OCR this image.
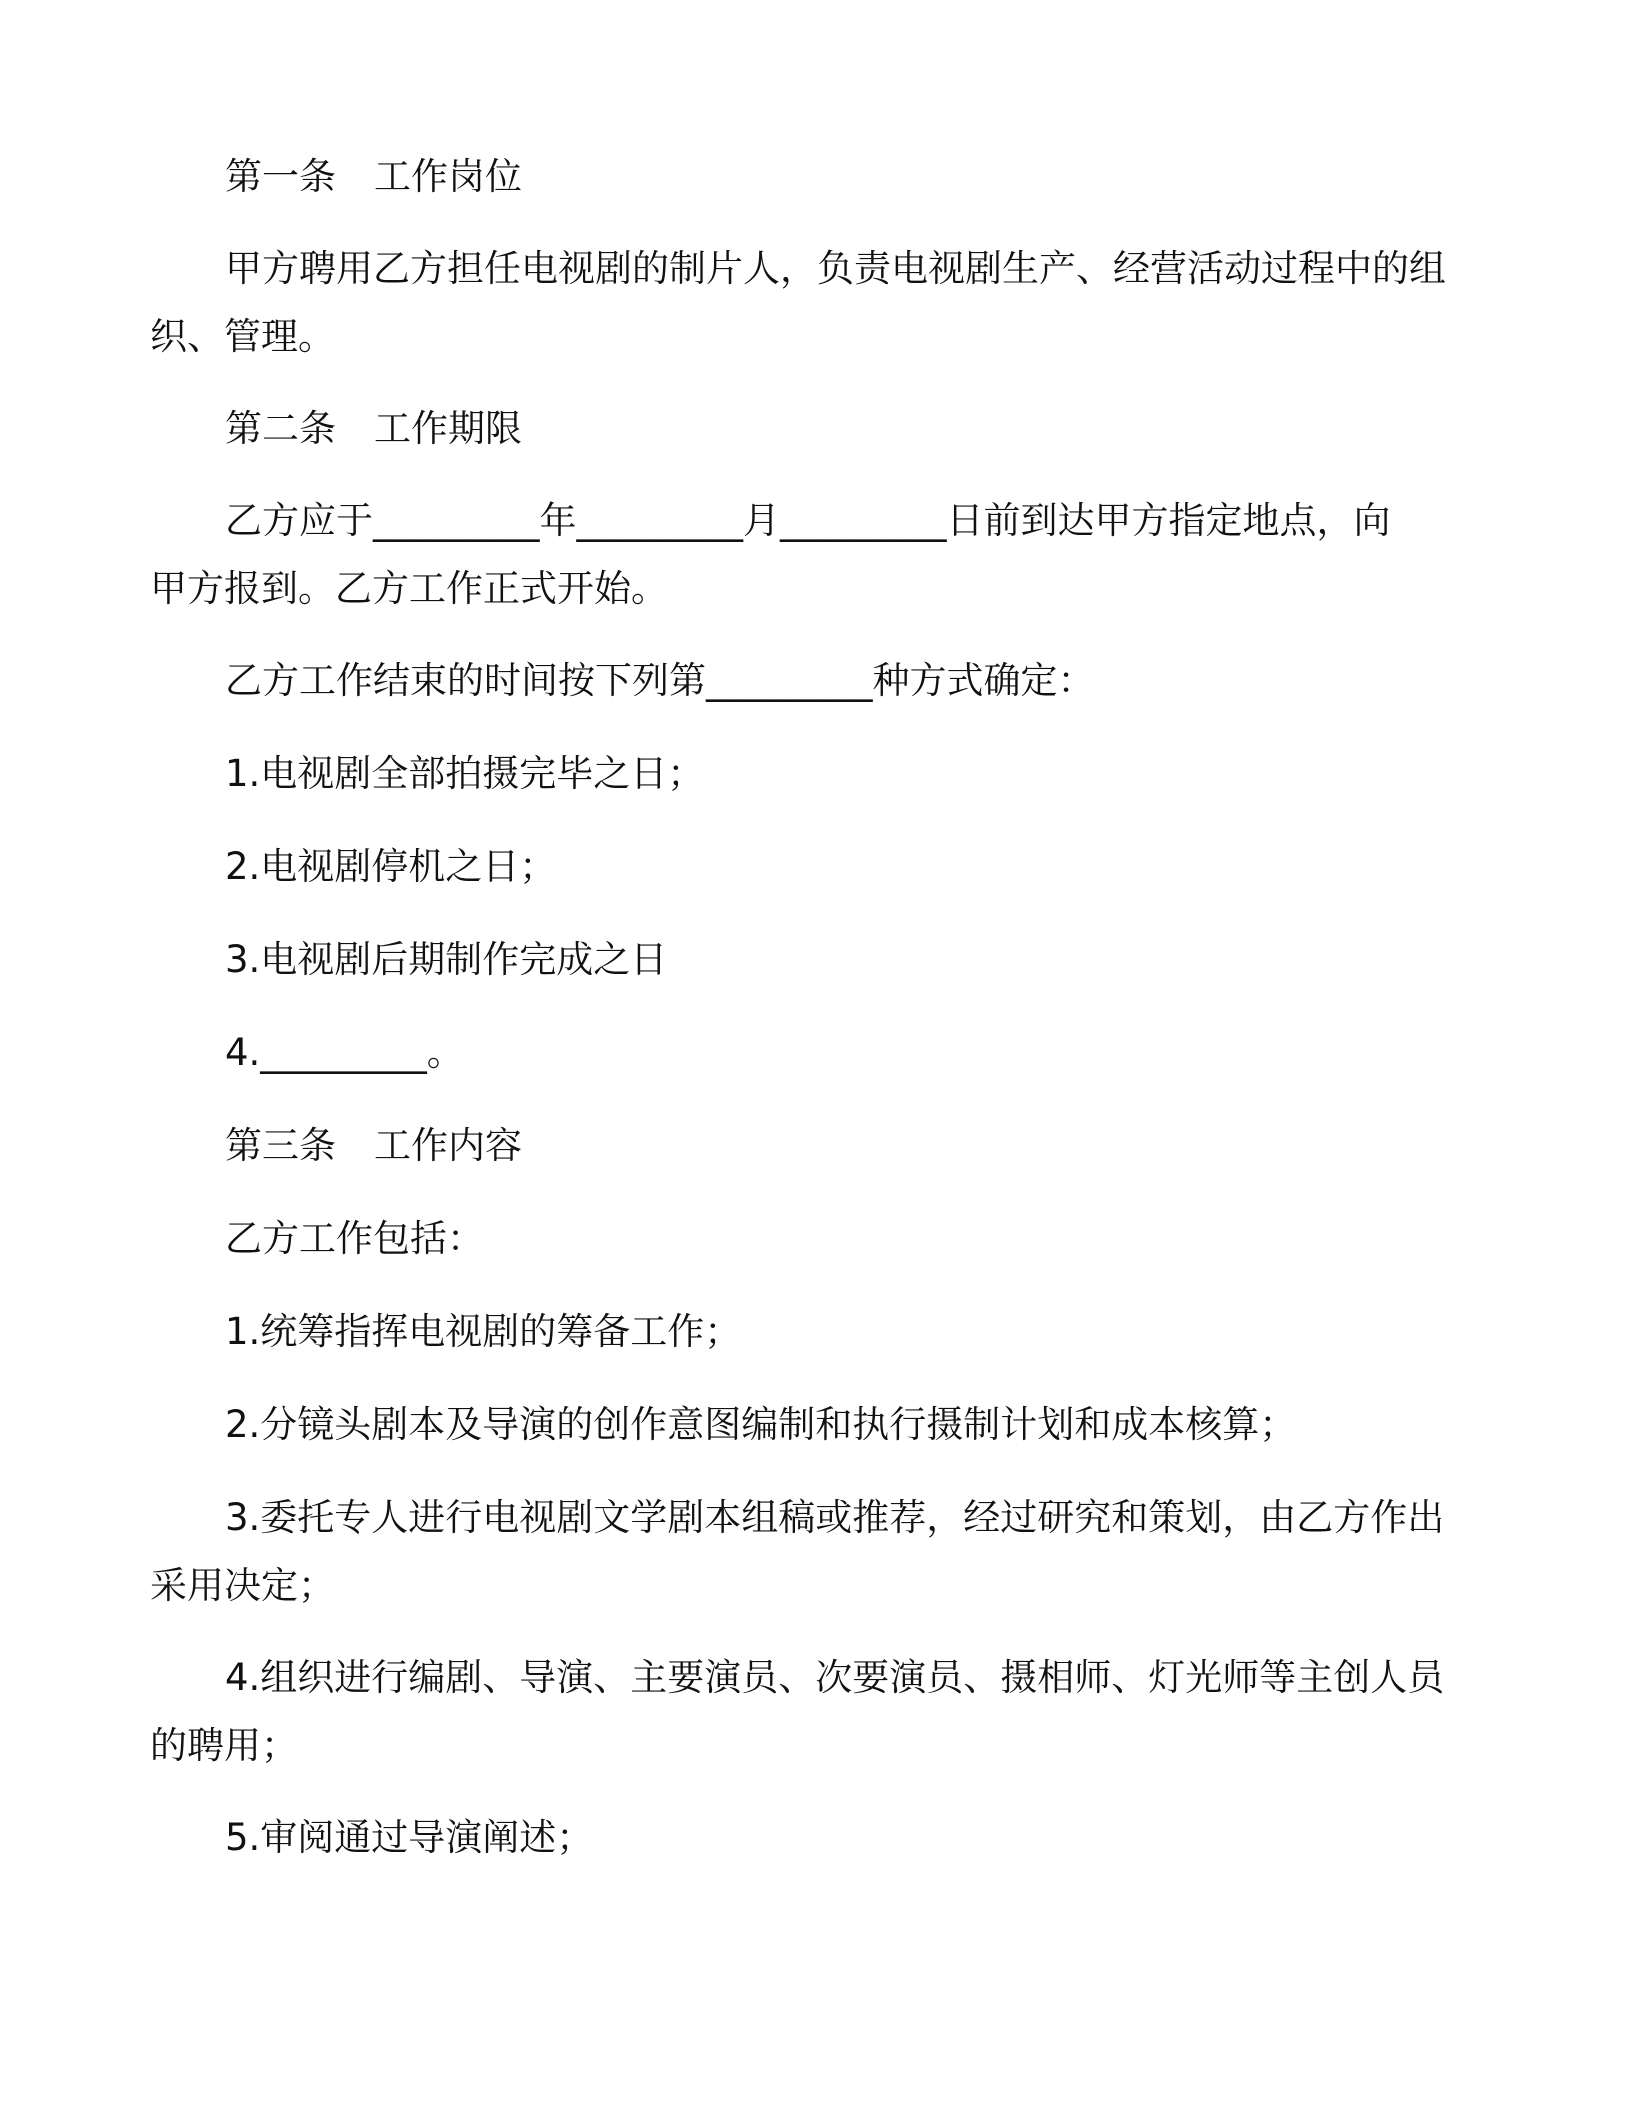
第一条 工作岗位
甲方聘用乙方担任电视剧的制片人，负责电视剧生产、经营活动过程中的组
织、管理。
第二条 工作期限
乙方应于_________年_________月_________日前到达甲方指定地点，向
甲方报到。乙方工作正式开始。
乙方工作结束的时间按下列第_________种方式确定：
1.电视剧全部拍摄完毕之日；
2.电视剧停机之日；
3.电视剧后期制作完成之日
4._________。
第三条 工作内容
乙方工作包括：
1.统筹指挥电视剧的筹备工作；
2.分镜头剧本及导演的创作意图编制和执行摄制计划和成本核算；
3.委托专人进行电视剧文学剧本组稿或推荐，经过研究和策划，由乙方作出
采用决定；
4.组织进行编剧、导演、主要演员、次要演员、摄相师、灯光师等主创人员
的聘用；
5.审阅通过导演阐述；
